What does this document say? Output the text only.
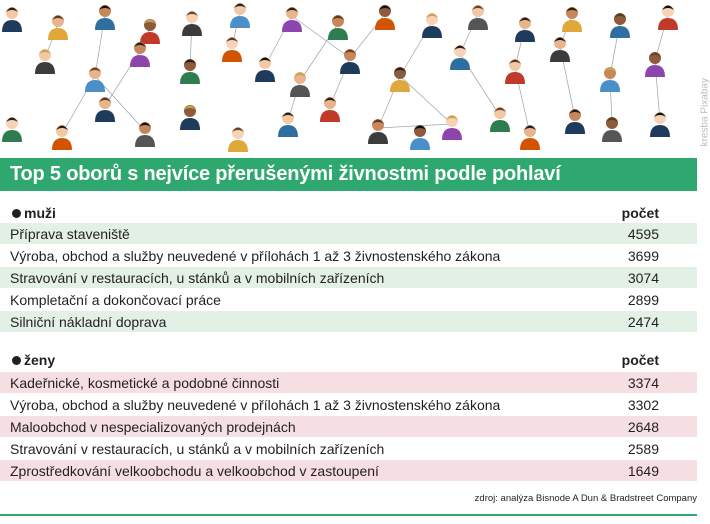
kresba Pixabay
Top 5 oborů s nejvíce přerušenými živnostmi podle pohlaví
muži	počet
Příprava staveniště	4595
Výroba, obchod a služby neuvedené v přílohách 1 až 3 živnostenského zákona	3699
Stravování v restauracích, u stánků a v mobilních zařízeních	3074
Kompletační a dokončovací práce	2899
Silniční nákladní doprava	2474
ženy	počet
Kadeřnické, kosmetické a podobné činnosti	3374
Výroba, obchod a služby neuvedené v přílohách 1 až 3 živnostenského zákona	3302
Maloobchod v nespecializovaných prodejnách	2648
Stravování v restauracích, u stánků a v mobilních zařízeních	2589
Zprostředkování velkoobchodu a velkoobchod v zastoupení	1649
zdroj: analýza Bisnode A Dun & Bradstreet Company
